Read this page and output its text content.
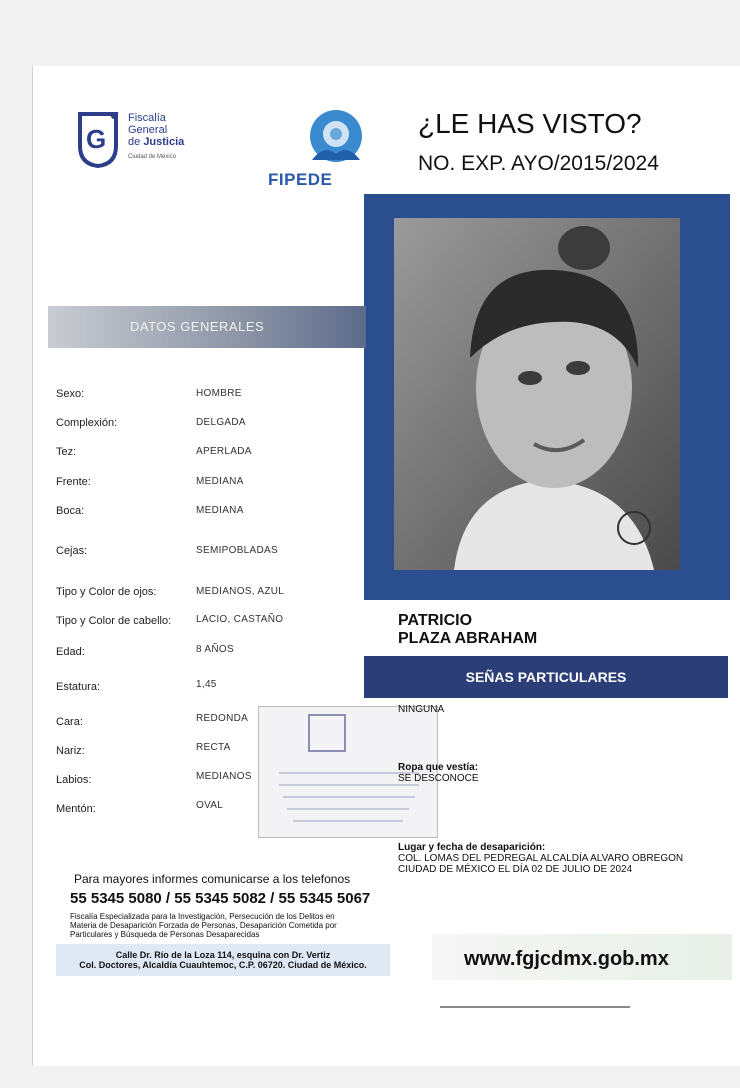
G
Fiscalía
General
de Justicia
Ciudad de México
FIPEDE
¿LE HAS VISTO?
NO. EXP. AYO/2015/2024
DATOS GENERALES
Sexo:	HOMBRE
Complexión:	DELGADA
Tez:	APERLADA
Frente:	MEDIANA
Boca:	MEDIANA
Cejas:	SEMIPOBLADAS
Tipo y Color de ojos:	MEDIANOS, AZUL
Tipo y Color de cabello: LACIO, CASTAÑO
Edad:	8 AÑOS
Estatura:	1,45
Cara:	REDONDA
Nariz:	RECTA
Labios:	MEDIANOS
Mentón:	OVAL
PATRICIO
PLAZA ABRAHAM
SEÑAS PARTICULARES
NINGUNA
Ropa que vestía:
SE DESCONOCE
Lugar y fecha de desaparición:
COL. LOMAS DEL PEDREGAL ALCALDÍA ALVARO OBREGON
CIUDAD DE MÉXICO EL DÍA 02 DE JULIO DE 2024
Para mayores informes comunicarse a los telefonos
55 5345 5080 / 55 5345 5082 / 55 5345 5067
Fiscalía Especializada para la Investigación, Persecución de los Delitos en
Materia de Desaparición Forzada de Personas, Desaparición Cometida por
Particulares y Búsqueda de Personas Desaparecidas
Calle Dr. Río de la Loza 114, esquina con Dr. Vertiz
Col. Doctores, Alcaldía Cuauhtemoc, C.P. 06720. Ciudad de México.	www.fgjcdmx.gob.mx
